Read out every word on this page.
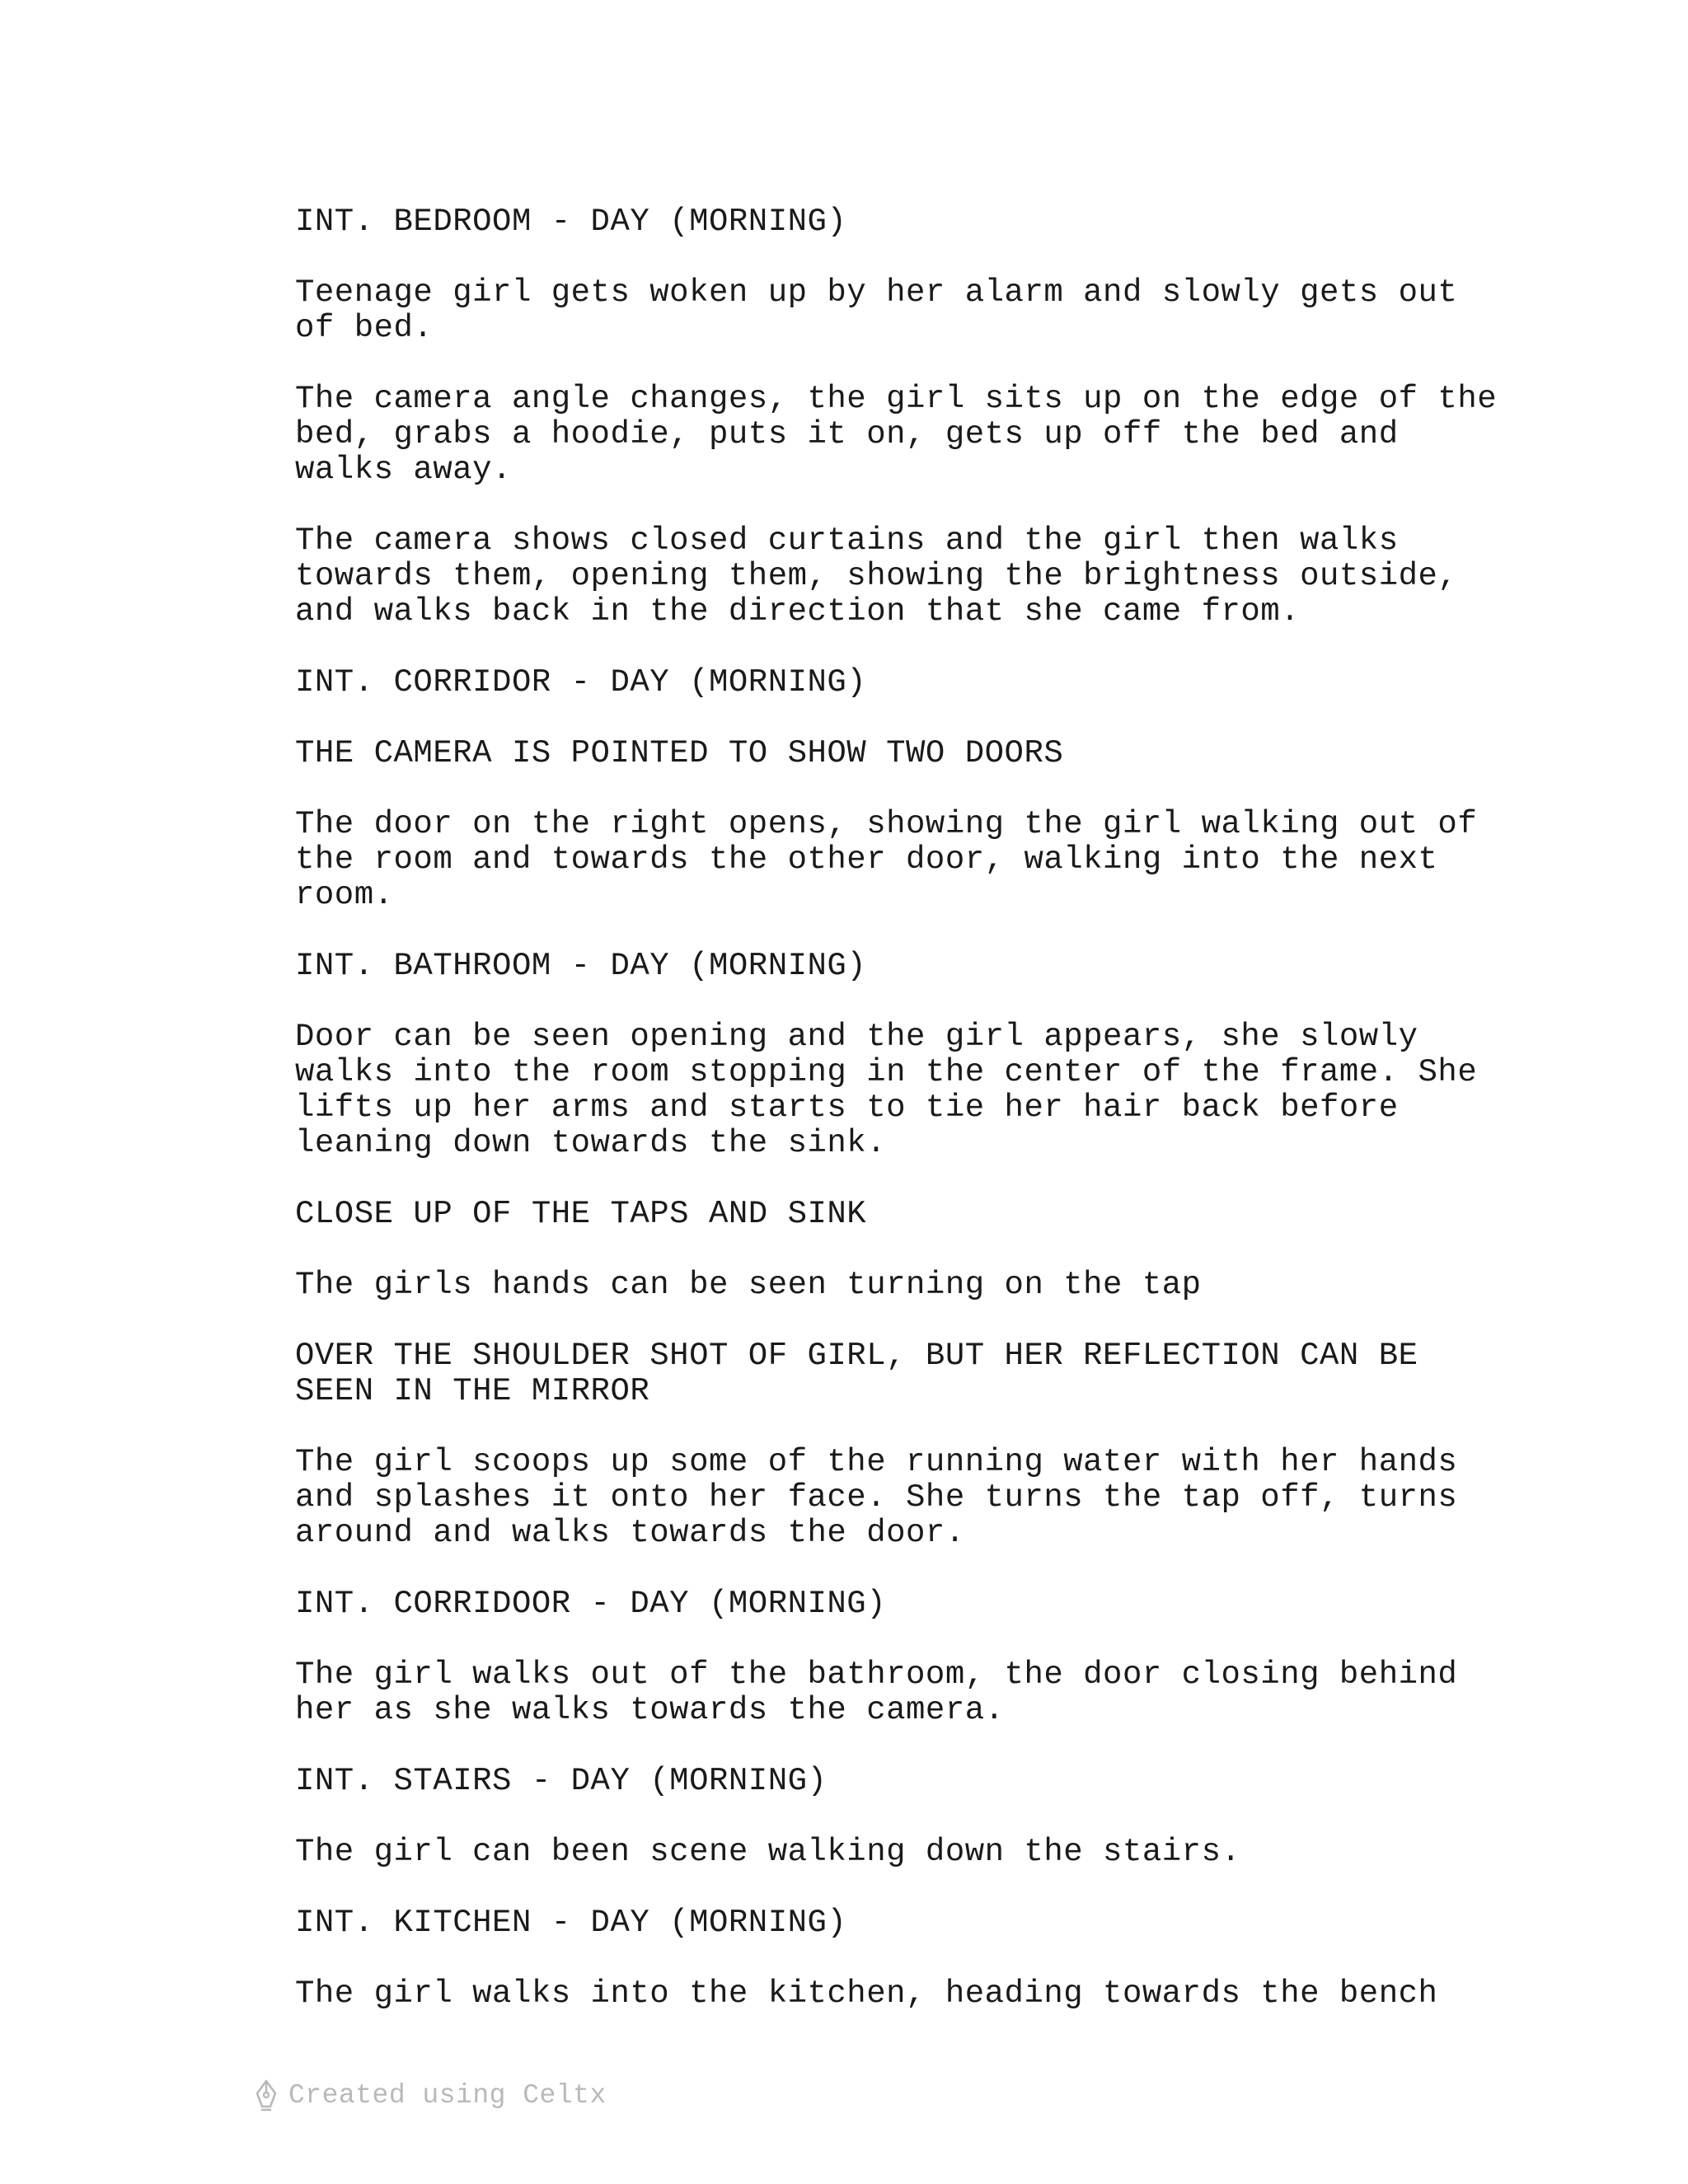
INT. BEDROOM - DAY (MORNING)

Teenage girl gets woken up by her alarm and slowly gets out
of bed.

The camera angle changes, the girl sits up on the edge of the
bed, grabs a hoodie, puts it on, gets up off the bed and
walks away.

The camera shows closed curtains and the girl then walks
towards them, opening them, showing the brightness outside,
and walks back in the direction that she came from.

INT. CORRIDOR - DAY (MORNING)

THE CAMERA IS POINTED TO SHOW TWO DOORS

The door on the right opens, showing the girl walking out of
the room and towards the other door, walking into the next
room.

INT. BATHROOM - DAY (MORNING)

Door can be seen opening and the girl appears, she slowly
walks into the room stopping in the center of the frame. She
lifts up her arms and starts to tie her hair back before
leaning down towards the sink.

CLOSE UP OF THE TAPS AND SINK

The girls hands can be seen turning on the tap

OVER THE SHOULDER SHOT OF GIRL, BUT HER REFLECTION CAN BE
SEEN IN THE MIRROR

The girl scoops up some of the running water with her hands
and splashes it onto her face. She turns the tap off, turns
around and walks towards the door.

INT. CORRIDOOR - DAY (MORNING)

The girl walks out of the bathroom, the door closing behind
her as she walks towards the camera.

INT. STAIRS - DAY (MORNING)

The girl can been scene walking down the stairs.

INT. KITCHEN - DAY (MORNING)

The girl walks into the kitchen, heading towards the bench

Created using Celtx
